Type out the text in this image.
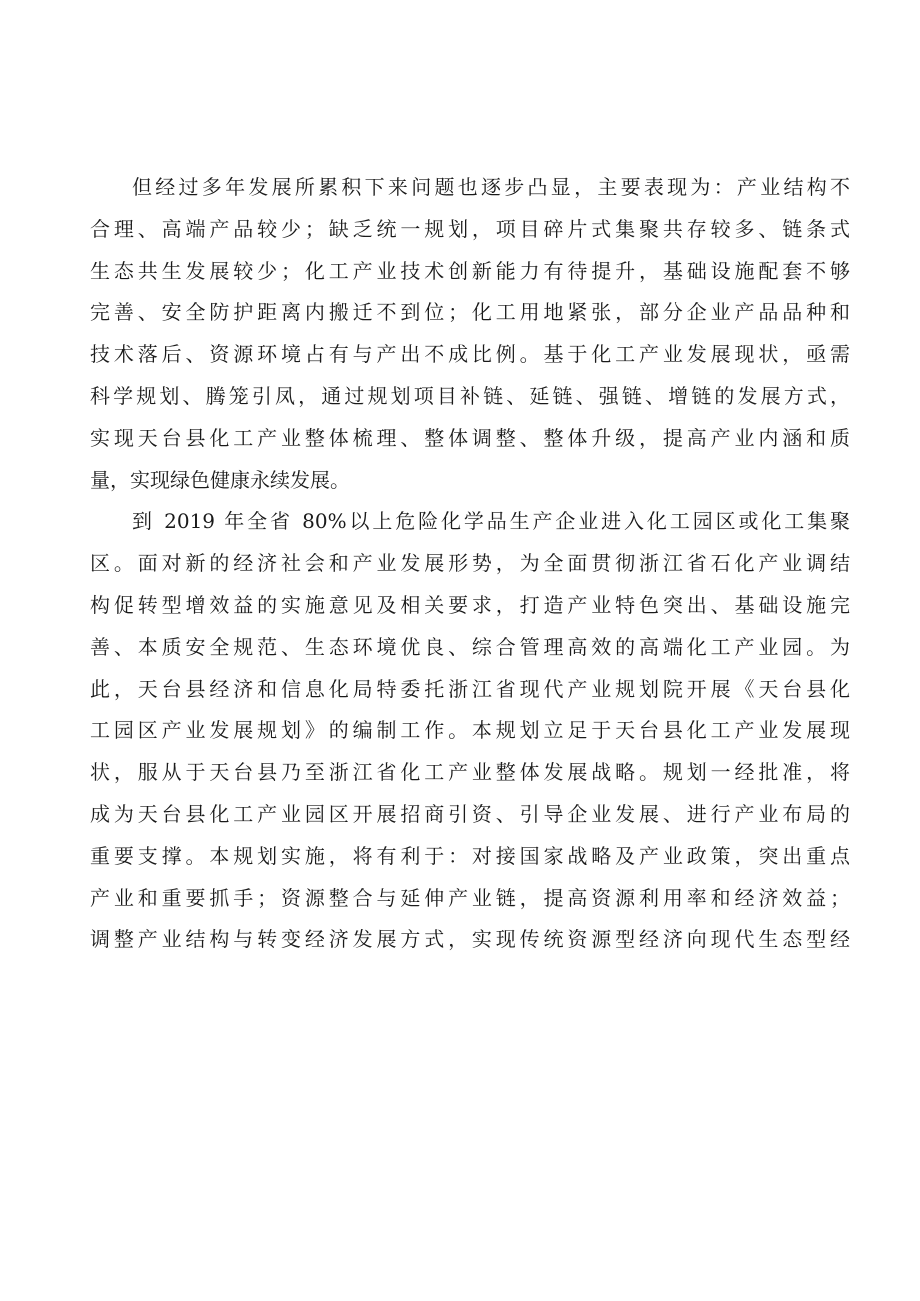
但经过多年发展所累积下来问题也逐步凸显，主要表现为：产业结构不
合理、高端产品较少；缺乏统一规划，项目碎片式集聚共存较多、链条式
生态共生发展较少；化工产业技术创新能力有待提升，基础设施配套不够
完善、安全防护距离内搬迁不到位；化工用地紧张，部分企业产品品种和
技术落后、资源环境占有与产出不成比例。基于化工产业发展现状，亟需
科学规划、腾笼引凤，通过规划项目补链、延链、强链、增链的发展方式，
实现天台县化工产业整体梳理、整体调整、整体升级，提高产业内涵和质
量，实现绿色健康永续发展。

到 2019 年全省 80%以上危险化学品生产企业进入化工园区或化工集聚
区。面对新的经济社会和产业发展形势，为全面贯彻浙江省石化产业调结
构促转型增效益的实施意见及相关要求，打造产业特色突出、基础设施完
善、本质安全规范、生态环境优良、综合管理高效的高端化工产业园。为
此，天台县经济和信息化局特委托浙江省现代产业规划院开展《天台县化
工园区产业发展规划》的编制工作。本规划立足于天台县化工产业发展现
状，服从于天台县乃至浙江省化工产业整体发展战略。规划一经批准，将
成为天台县化工产业园区开展招商引资、引导企业发展、进行产业布局的
重要支撑。本规划实施，将有利于：对接国家战略及产业政策，突出重点
产业和重要抓手；资源整合与延伸产业链，提高资源利用率和经济效益；
调整产业结构与转变经济发展方式，实现传统资源型经济向现代生态型经
